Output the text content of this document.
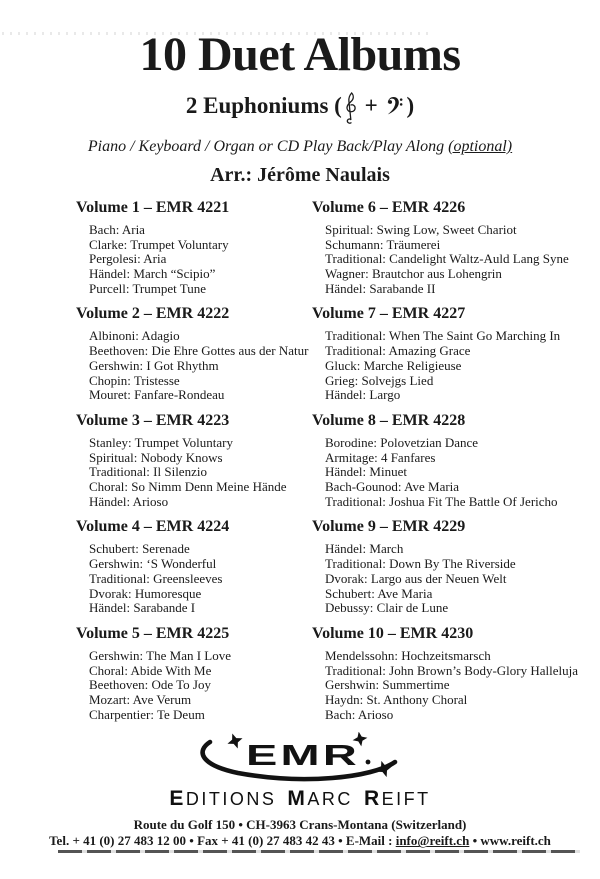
10 Duet Albums
2 Euphoniums ( + )
Piano / Keyboard / Organ or CD Play Back/Play Along (optional)
Arr.: Jérôme Naulais
Volume 1 – EMR 4221
Bach: Aria
Clarke: Trumpet Voluntary
Pergolesi: Aria
Händel: March “Scipio”
Purcell: Trumpet Tune
Volume 2 – EMR 4222
Albinoni: Adagio
Beethoven: Die Ehre Gottes aus der Natur
Gershwin: I Got Rhythm
Chopin: Tristesse
Mouret: Fanfare-Rondeau
Volume 3 – EMR 4223
Stanley: Trumpet Voluntary
Spiritual: Nobody Knows
Traditional: Il Silenzio
Choral: So Nimm Denn Meine Hände
Händel: Arioso
Volume 4 – EMR 4224
Schubert: Serenade
Gershwin: ‘S Wonderful
Traditional: Greensleeves
Dvorak: Humoresque
Händel: Sarabande I
Volume 5 – EMR 4225
Gershwin: The Man I Love
Choral: Abide With Me
Beethoven: Ode To Joy
Mozart: Ave Verum
Charpentier: Te Deum
Volume 6 – EMR 4226
Spiritual: Swing Low, Sweet Chariot
Schumann: Träumerei
Traditional: Candelight Waltz-Auld Lang Syne
Wagner: Brautchor aus Lohengrin
Händel: Sarabande II
Volume 7 – EMR 4227
Traditional: When The Saint Go Marching In
Traditional: Amazing Grace
Gluck: Marche Religieuse
Grieg: Solvejgs Lied
Händel: Largo
Volume 8 – EMR 4228
Borodine: Polovetzian Dance
Armitage: 4 Fanfares
Händel: Minuet
Bach-Gounod: Ave Maria
Traditional: Joshua Fit The Battle Of Jericho
Volume 9 – EMR 4229
Händel: March
Traditional: Down By The Riverside
Dvorak: Largo aus der Neuen Welt
Schubert: Ave Maria
Debussy: Clair de Lune
Volume 10 – EMR 4230
Mendelssohn: Hochzeitsmarsch
Traditional: John Brown’s Body-Glory Halleluja
Gershwin: Summertime
Haydn: St. Anthony Choral
Bach: Arioso
EMR
EDITIONS MARC REIFT
Route du Golf 150 • CH-3963 Crans-Montana (Switzerland)
Tel. + 41 (0) 27 483 12 00 • Fax + 41 (0) 27 483 42 43 • E-Mail : info@reift.ch • www.reift.ch
